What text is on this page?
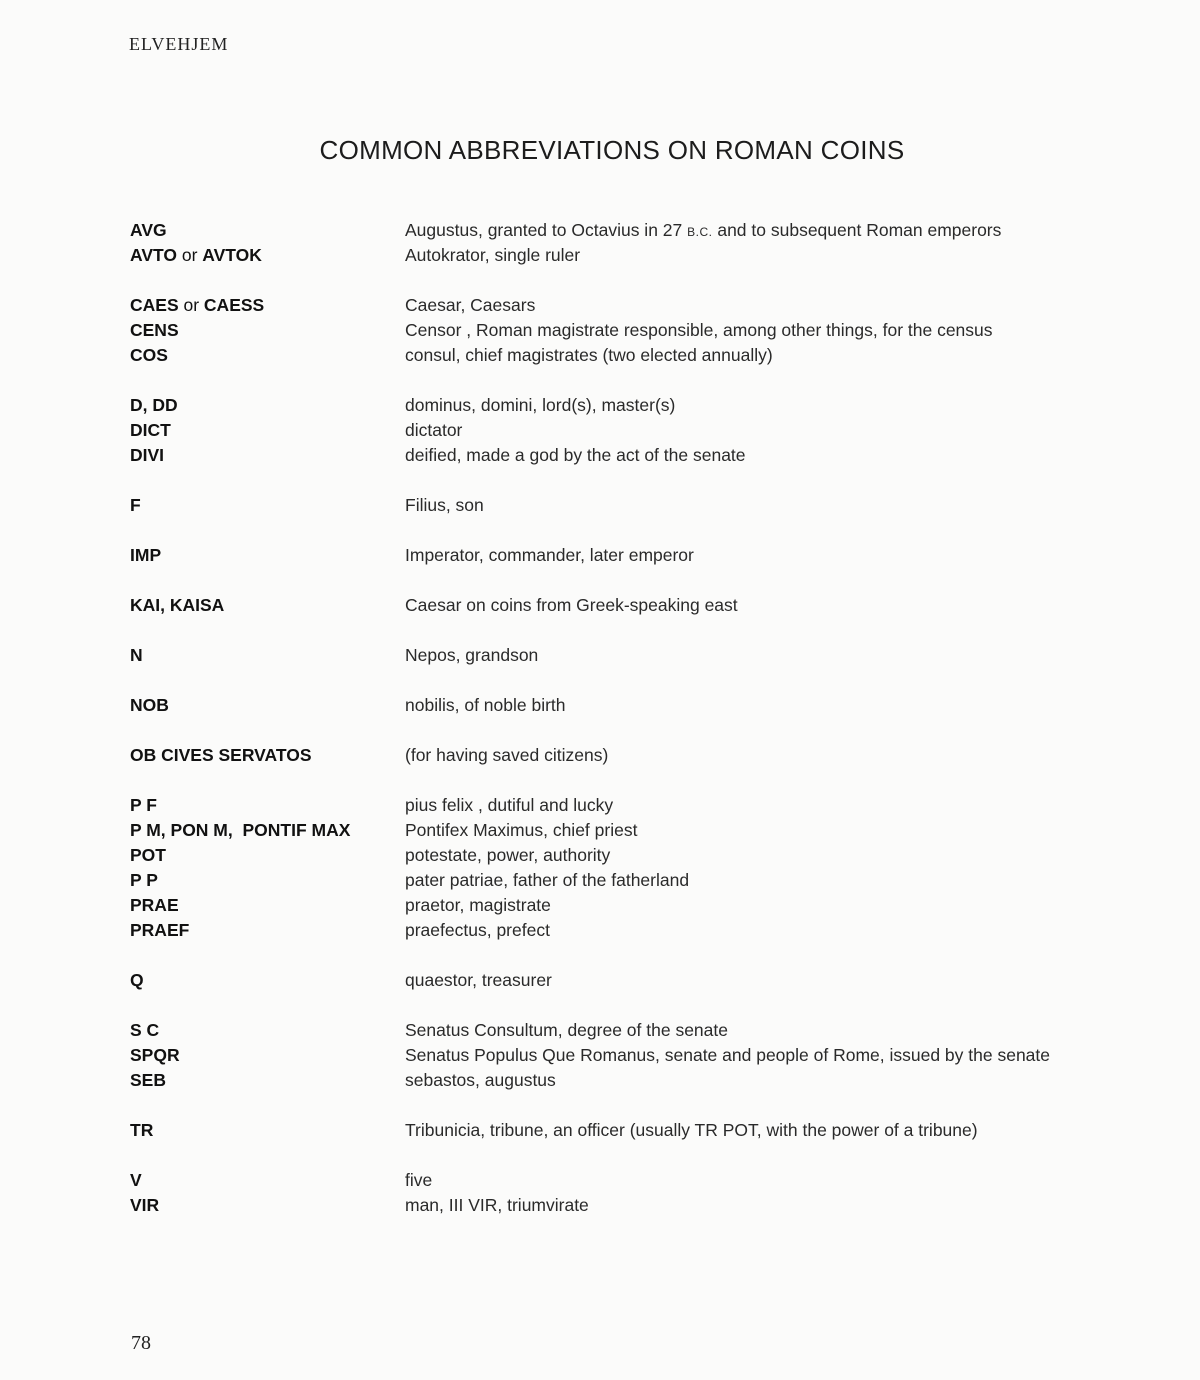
ELVEHJEM
COMMON ABBREVIATIONS ON ROMAN COINS
AVG	Augustus, granted to Octavius in 27 B.C. and to subsequent Roman emperors
AVTO or AVTOK	Autokrator, single ruler
CAES or CAESS	Caesar, Caesars
CENS	Censor , Roman magistrate responsible, among other things, for the census
COS	consul, chief magistrates (two elected annually)
D, DD	dominus, domini, lord(s), master(s)
DICT	dictator
DIVI	deified, made a god by the act of the senate
F	Filius, son
IMP	Imperator, commander, later emperor
KAI, KAISA	Caesar on coins from Greek-speaking east
N	Nepos, grandson
NOB	nobilis, of noble birth
OB CIVES SERVATOS	(for having saved citizens)
P F	pius felix , dutiful and lucky
P M, PON M,  PONTIF MAX	Pontifex Maximus, chief priest
POT	potestate, power, authority
P P	pater patriae, father of the fatherland
PRAE	praetor, magistrate
PRAEF	praefectus, prefect
Q	quaestor, treasurer
S C	Senatus Consultum, degree of the senate
SPQR	Senatus Populus Que Romanus, senate and people of Rome, issued by the senate
SEB	sebastos, augustus
TR	Tribunicia, tribune, an officer (usually TR POT, with the power of a tribune)
V	five
VIR	man, III VIR, triumvirate
78
